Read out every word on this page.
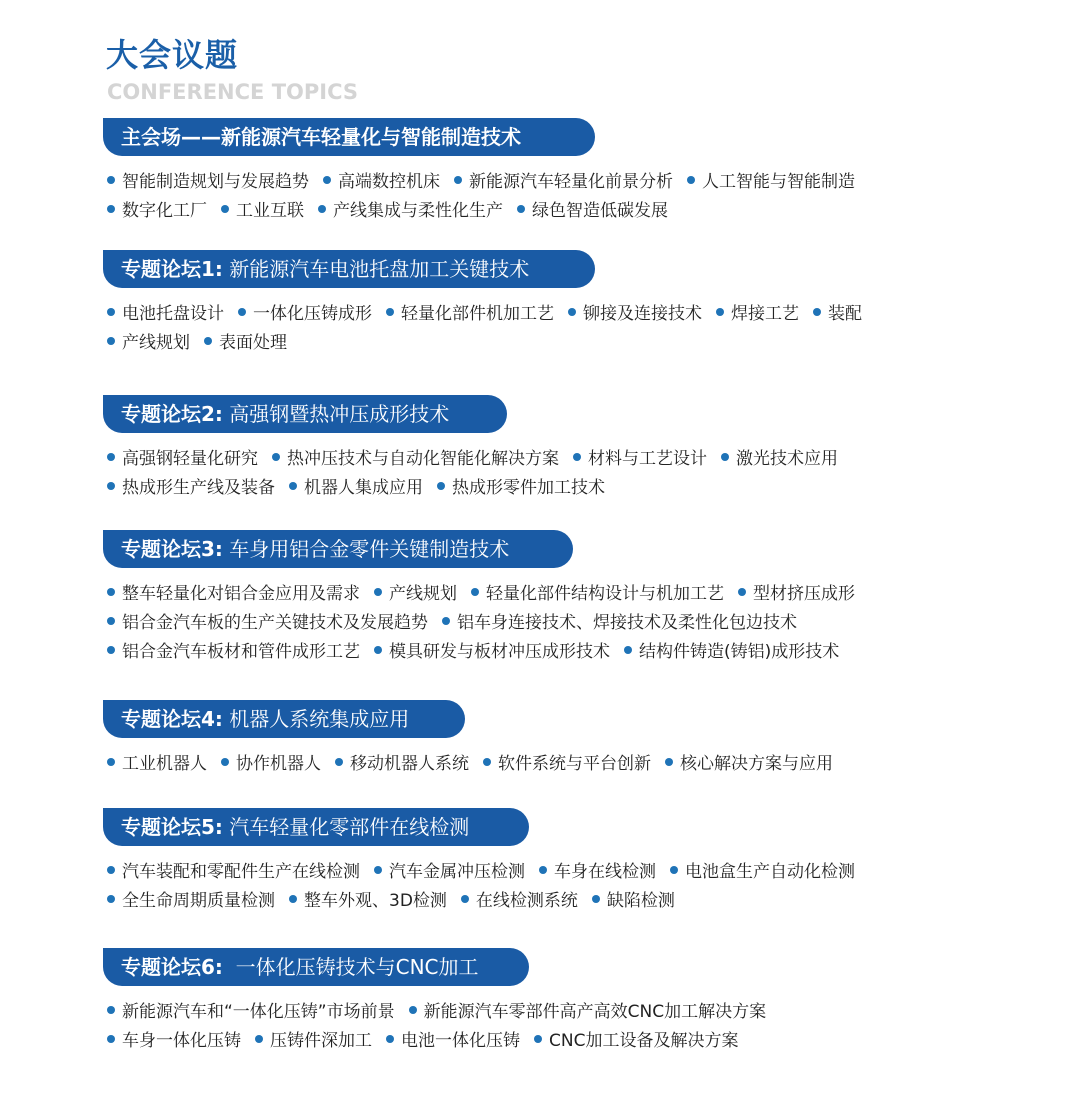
大会议题
CONFERENCE TOPICS
主会场——新能源汽车轻量化与智能制造技术
智能制造规划与发展趋势 高端数控机床 新能源汽车轻量化前景分析 人工智能与智能制造
数字化工厂 工业互联 产线集成与柔性化生产 绿色智造低碳发展
专题论坛1: 新能源汽车电池托盘加工关键技术
电池托盘设计 一体化压铸成形 轻量化部件机加工艺 铆接及连接技术 焊接工艺 装配
产线规划 表面处理
专题论坛2: 高强钢暨热冲压成形技术
高强钢轻量化研究 热冲压技术与自动化智能化解决方案 材料与工艺设计 激光技术应用
热成形生产线及装备 机器人集成应用 热成形零件加工技术
专题论坛3: 车身用铝合金零件关键制造技术
整车轻量化对铝合金应用及需求 产线规划 轻量化部件结构设计与机加工艺 型材挤压成形
铝合金汽车板的生产关键技术及发展趋势 铝车身连接技术、焊接技术及柔性化包边技术
铝合金汽车板材和管件成形工艺 模具研发与板材冲压成形技术 结构件铸造(铸铝)成形技术
专题论坛4: 机器人系统集成应用
工业机器人 协作机器人 移动机器人系统 软件系统与平台创新 核心解决方案与应用
专题论坛5: 汽车轻量化零部件在线检测
汽车装配和零配件生产在线检测 汽车金属冲压检测 车身在线检测 电池盒生产自动化检测
全生命周期质量检测 整车外观、3D检测 在线检测系统 缺陷检测
专题论坛6:  一体化压铸技术与CNC加工
新能源汽车和“一体化压铸”市场前景 新能源汽车零部件高产高效CNC加工解决方案
车身一体化压铸 压铸件深加工 电池一体化压铸 CNC加工设备及解决方案
